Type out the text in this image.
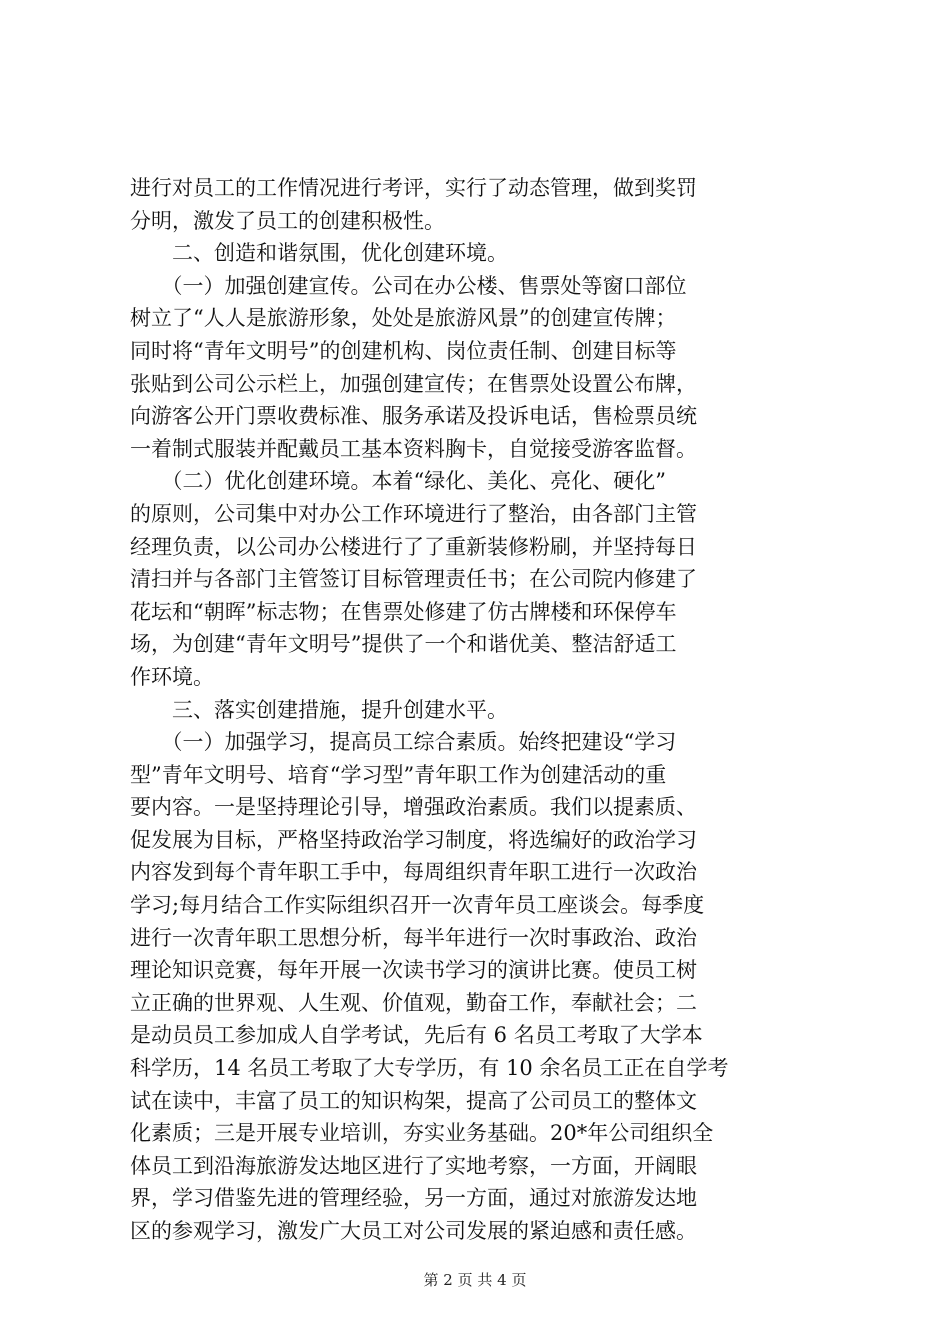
进行对员工的工作情况进行考评，实行了动态管理，做到奖罚
分明，激发了员工的创建积极性。
　　二、创造和谐氛围，优化创建环境。
　　（一）加强创建宣传。公司在办公楼、售票处等窗口部位
树立了“人人是旅游形象，处处是旅游风景”的创建宣传牌；
同时将“青年文明号”的创建机构、岗位责任制、创建目标等
张贴到公司公示栏上，加强创建宣传；在售票处设置公布牌，
向游客公开门票收费标准、服务承诺及投诉电话，售检票员统
一着制式服装并配戴员工基本资料胸卡，自觉接受游客监督。
　　（二）优化创建环境。本着“绿化、美化、亮化、硬化”
的原则，公司集中对办公工作环境进行了整治，由各部门主管
经理负责，以公司办公楼进行了了重新装修粉刷，并坚持每日
清扫并与各部门主管签订目标管理责任书；在公司院内修建了
花坛和“朝晖”标志物；在售票处修建了仿古牌楼和环保停车
场，为创建“青年文明号”提供了一个和谐优美、整洁舒适工
作环境。
　　三、落实创建措施，提升创建水平。
　　（一）加强学习，提高员工综合素质。始终把建设“学习
型”青年文明号、培育“学习型”青年职工作为创建活动的重
要内容。一是坚持理论引导，增强政治素质。我们以提素质、
促发展为目标，严格坚持政治学习制度，将选编好的政治学习
内容发到每个青年职工手中，每周组织青年职工进行一次政治
学习;每月结合工作实际组织召开一次青年员工座谈会。每季度
进行一次青年职工思想分析，每半年进行一次时事政治、政治
理论知识竞赛，每年开展一次读书学习的演讲比赛。使员工树
立正确的世界观、人生观、价值观，勤奋工作，奉献社会；二
是动员员工参加成人自学考试，先后有 6 名员工考取了大学本
科学历，14 名员工考取了大专学历，有 10 余名员工正在自学考
试在读中，丰富了员工的知识构架，提高了公司员工的整体文
化素质；三是开展专业培训，夯实业务基础。20*年公司组织全
体员工到沿海旅游发达地区进行了实地考察，一方面，开阔眼
界，学习借鉴先进的管理经验，另一方面，通过对旅游发达地
区的参观学习，激发广大员工对公司发展的紧迫感和责任感。
第 2 页 共 4 页
